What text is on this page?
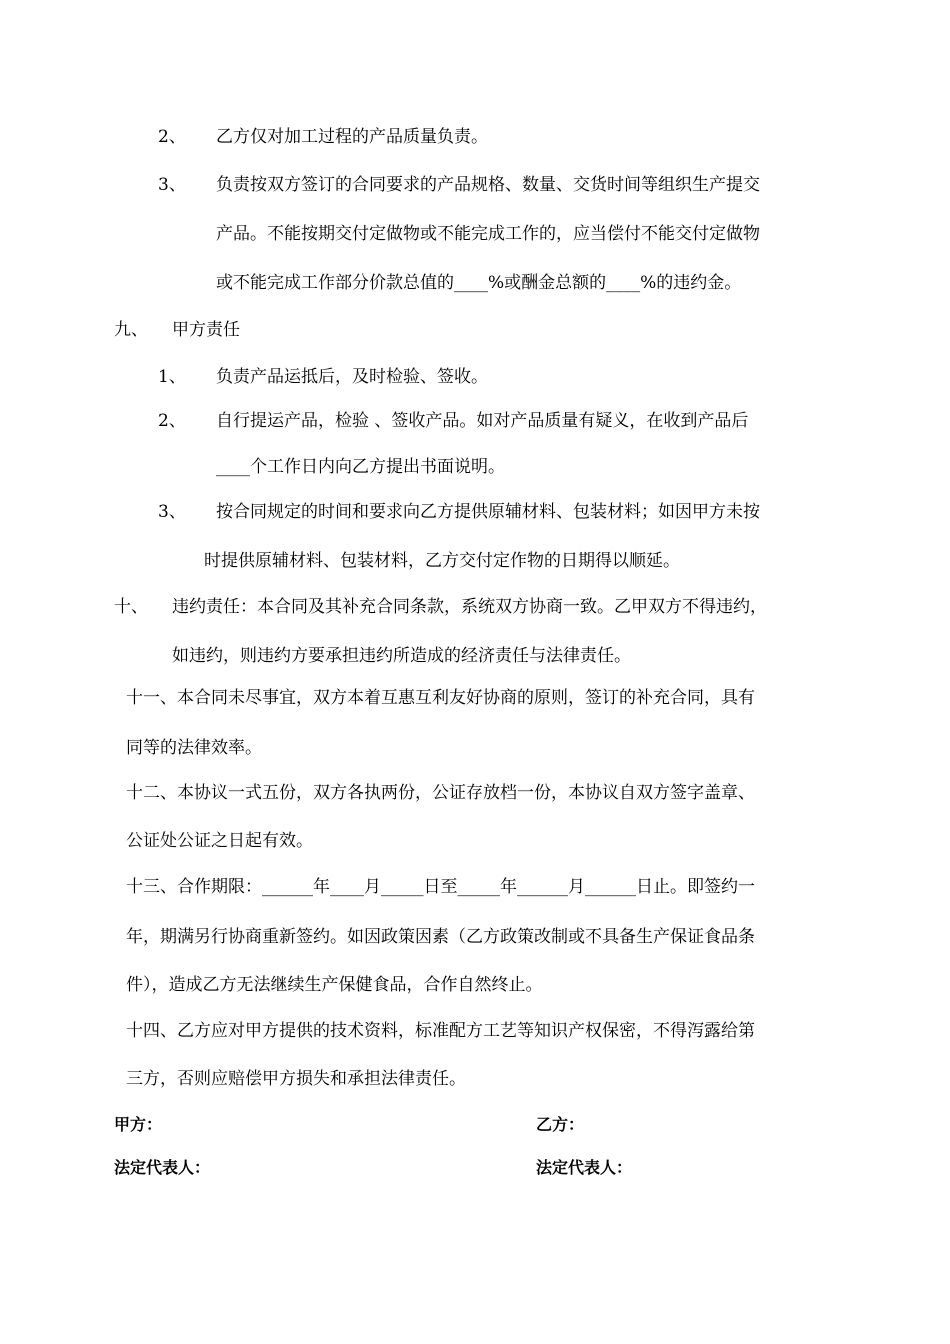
2、 乙方仅对加工过程的产品质量负责。
3、 负责按双方签订的合同要求的产品规格、数量、交货时间等组织生产提交
产品。不能按期交付定做物或不能完成工作的，应当偿付不能交付定做物
或不能完成工作部分价款总值的____%或酬金总额的____%的违约金。
九、 甲方责任
1、 负责产品运抵后，及时检验、签收。
2、 自行提运产品，检验 、签收产品。如对产品质量有疑义，在收到产品后
____个工作日内向乙方提出书面说明。
3、 按合同规定的时间和要求向乙方提供原辅材料、包装材料；如因甲方未按
时提供原辅材料、包装材料，乙方交付定作物的日期得以顺延。
十、 违约责任：本合同及其补充合同条款，系统双方协商一致。乙甲双方不得违约，
如违约，则违约方要承担违约所造成的经济责任与法律责任。
十一、本合同未尽事宜，双方本着互惠互利友好协商的原则，签订的补充合同，具有
同等的法律效率。
十二、本协议一式五份，双方各执两份，公证存放档一份，本协议自双方签字盖章、
公证处公证之日起有效。
十三、合作期限：______年____月_____日至_____年______月______日止。即签约一
年，期满另行协商重新签约。如因政策因素（乙方政策改制或不具备生产保证食品条
件），造成乙方无法继续生产保健食品，合作自然终止。
十四、乙方应对甲方提供的技术资料，标准配方工艺等知识产权保密，不得泻露给第
三方，否则应赔偿甲方损失和承担法律责任。
甲方：	乙方：
法定代表人：	法定代表人：
